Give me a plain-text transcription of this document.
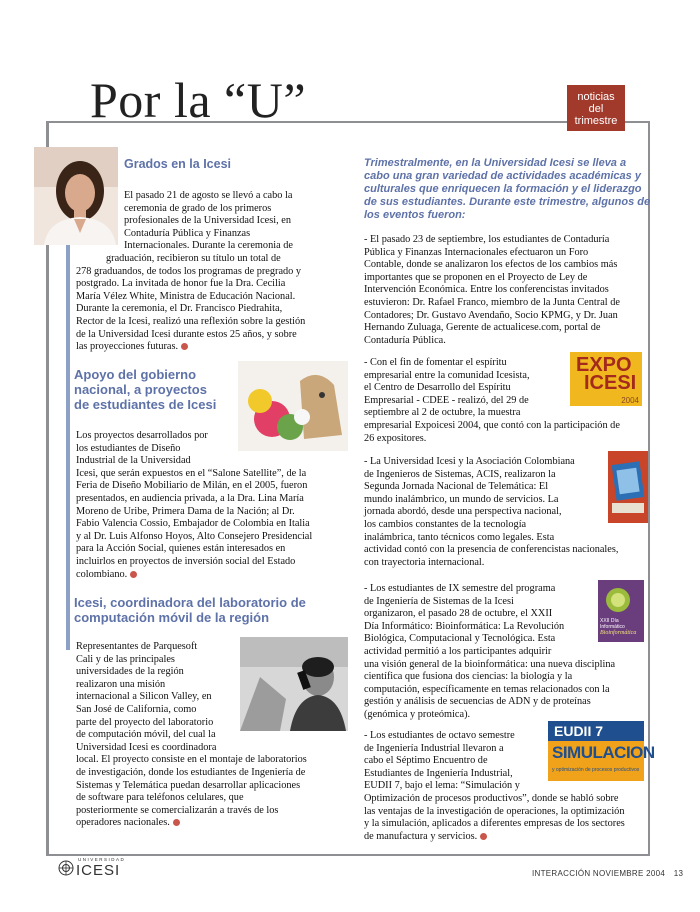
Por la “U”	noticias
del
trimestre
Grados en la Icesi

El pasado 21 de agosto se llevó a cabo la

ceremonia de grado de los primeros

profesionales de la Universidad Icesi, en

Contaduría Pública y Finanzas

Internacionales. Durante la ceremonia de

graduación, recibieron su título un total de

278 graduandos, de todos los programas de pregrado y

postgrado. La invitada de honor fue la Dra. Cecilia

María Vélez White, Ministra de Educación Nacional.

Durante la ceremonia, el Dr. Francisco Piedrahita,

Rector de la Icesi, realizó una reflexión sobre la gestión

de la Universidad Icesi durante estos 25 años, y sobre

las proyecciones futuras.

Apoyo del gobierno
nacional, a proyectos
de estudiantes de Icesi

Los proyectos desarrollados por

los estudiantes de Diseño

Industrial de la Universidad

Icesi, que serán expuestos en el “Salone Satellite”, de la

Feria de Diseño Mobiliario de Milán, en el 2005, fueron

presentados, en audiencia privada, a la Dra. Lina María

Moreno de Uribe, Primera Dama de la Nación; al Dr.

Fabio Valencia Cossio, Embajador de Colombia en Italia

y al Dr. Luis Alfonso Hoyos, Alto Consejero Presidencial

para la Acción Social, quienes están interesados en

incluirlos en proyectos de inversión social del Estado

colombiano.

Icesi, coordinadora del laboratorio de
computación móvil de la región

Representantes de Parquesoft

Cali y de las principales

universidades de la región

realizaron una misión

internacional a Silicon Valley, en

San José de California, como

parte del proyecto del laboratorio

de computación móvil, del cual la

Universidad Icesi es coordinadora

local. El proyecto consiste en el montaje de laboratorios

de investigación, donde los estudiantes de Ingeniería de

Sistemas y Telemática puedan desarrollar aplicaciones

de software para teléfonos celulares, que

posteriormente se comercializarán a través de los

operadores nacionales.

Trimestralmente, en la Universidad Icesi se lleva a
cabo una gran variedad de actividades académicas y
culturales que enriquecen la formación y el liderazgo
de sus estudiantes. Durante este trimestre, algunos de
los eventos fueron:

- El pasado 23 de septiembre, los estudiantes de Contaduría

Pública y Finanzas Internacionales efectuaron un Foro

Contable, donde se analizaron los efectos de los cambios más

importantes que se proponen en el Proyecto de Ley de

Intervención Económica. Entre los conferencistas invitados

estuvieron: Dr. Rafael Franco, miembro de la Junta Central de

Contadores; Dr. Gustavo Avendaño, Socio KPMG, y Dr. Juan

Hernando Zuluaga, Gerente de actualicese.com, portal de

Contaduría Pública.

EXPO
ICESI
2004

- Con el fin de fomentar el espíritu

empresarial entre la comunidad Icesista,

el Centro de Desarrollo del Espíritu

Empresarial - CDEE - realizó, del 29 de

septiembre al 2 de octubre, la muestra

empresarial Expoicesi 2004, que contó con la participación de

26 expositores.

- La Universidad Icesi y la Asociación Colombiana

de Ingenieros de Sistemas, ACIS, realizaron la

Segunda Jornada Nacional de Telemática: El

mundo inalámbrico, un mundo de servicios. La

jornada abordó, desde una perspectiva nacional,

los cambios constantes de la tecnología

inalámbrica, tanto técnicos como legales. Esta

actividad contó con la presencia de conferencistas nacionales,

con trayectoria internacional.

XXII Día Informático
Bioinformática

- Los estudiantes de IX semestre del programa

de Ingeniería de Sistemas de la Icesi

organizaron, el pasado 28 de octubre, el XXII

Día Informático: Bioinformática: La Revolución

Biológica, Computacional y Tecnológica. Esta

actividad permitió a los participantes adquirir

una visión general de la bioinformática: una nueva disciplina

científica que fusiona dos ciencias: la biología y la

computación, específicamente en temas relacionados con la

gestión y análisis de secuencias de ADN y de proteínas

(genómica y proteómica).

EUDII 7
SIMULACION
y optimización de procesos productivos

- Los estudiantes de octavo semestre

de Ingeniería Industrial llevaron a

cabo el Séptimo Encuentro de

Estudiantes de Ingeniería Industrial,

EUDII 7, bajo el lema: “Simulación y

Optimización de procesos productivos”, donde se habló sobre

las ventajas de la investigación de operaciones, la optimización

y la simulación, aplicados a diferentes empresas de los sectores

de manufactura y servicios.

UNIVERSIDAD
ICESI	INTERACCIÓN NOVIEMBRE 2004 13
